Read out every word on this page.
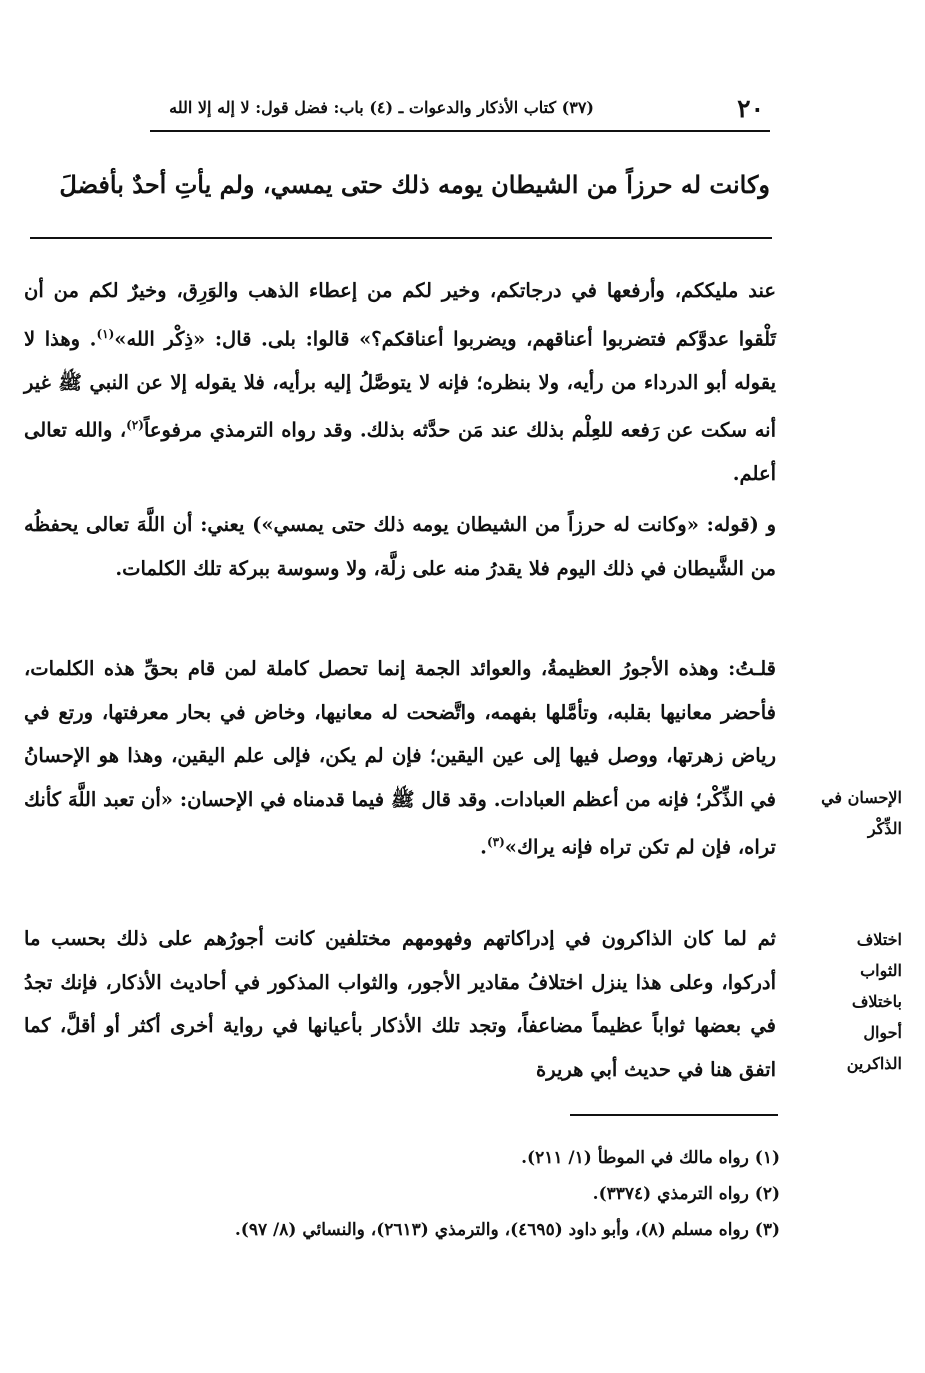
٢٠
(٣٧) كتاب الأذكار والدعوات ـ (٤) باب: فضل قول: لا إله إلا الله
وكانت له حرزاً من الشيطان يومه ذلك حتى يمسي، ولم يأتِ أحدٌ بأفضلَ

عند مليككم، وأرفعها في درجاتكم، وخير لكم من إعطاء الذهب والوَرِق، وخيرٌ لكم من أن تَلْقوا عدوَّكم فتضربوا أعناقهم، ويضربوا أعناقكم؟» قالوا: بلى. قال: «ذِكْر الله»$^{(١)}$. وهذا لا يقوله أبو الدرداء من رأيه، ولا بنظره؛ فإنه لا يتوصَّلُ إليه برأيه، فلا يقوله إلا عن النبي ﷺ غير أنه سكت عن رَفعه للعِلْم بذلك عند مَن حدَّثه بذلك. وقد رواه الترمذي مرفوعاً$^{(٢)}$، والله تعالى أعلم.

و (قوله: «وكانت له حرزاً من الشيطان يومه ذلك حتى يمسي») يعني: أن اللَّهَ تعالى يحفظُه من الشَّيطان في ذلك اليوم فلا يقدرُ منه على زلَّة، ولا وسوسة ببركة تلك الكلمات.

قلـتُ: وهذه الأجورُ العظيمةُ، والعوائد الجمة إنما تحصل كاملة لمن قام بحقِّ هذه الكلمات، فأحضر معانيها بقلبه، وتأمَّلها بفهمه، واتَّضحت له معانيها، وخاض في بحار معرفتها، ورتع في رياض زهرتها، ووصل فيها إلى عين اليقين؛ فإن لم يكن، فإلى علم اليقين، وهذا هو الإحسانُ في الذِّكْر؛ فإنه من أعظم العبادات. وقد قال ﷺ فيما قدمناه في الإحسان: «أن تعبد اللَّهَ كأنك تراه، فإن لم تكن تراه فإنه يراك»$^{(٣)}$.

ثم لما كان الذاكرون في إدراكاتهم وفهومهم مختلفين كانت أجورُهم على ذلك بحسب ما أدركوا، وعلى هذا ينزل اختلافُ مقادير الأجور، والثواب المذكور في أحاديث الأذكار، فإنك تجدُ في بعضها ثواباً عظيماً مضاعفاً، وتجد تلك الأذكار بأعيانها في رواية أخرى أكثر أو أقلَّ، كما اتفق هنا في حديث أبي هريرة

الإحسان في الذِّكْر
اختلاف الثواب باختلاف أحوال الذاكرين
(١) رواه مالك في الموطأ (١/ ٢١١).
(٢) رواه الترمذي (٣٣٧٤).
(٣) رواه مسلم (٨)، وأبو داود (٤٦٩٥)، والترمذي (٢٦١٣)، والنسائي (٨/ ٩٧).
